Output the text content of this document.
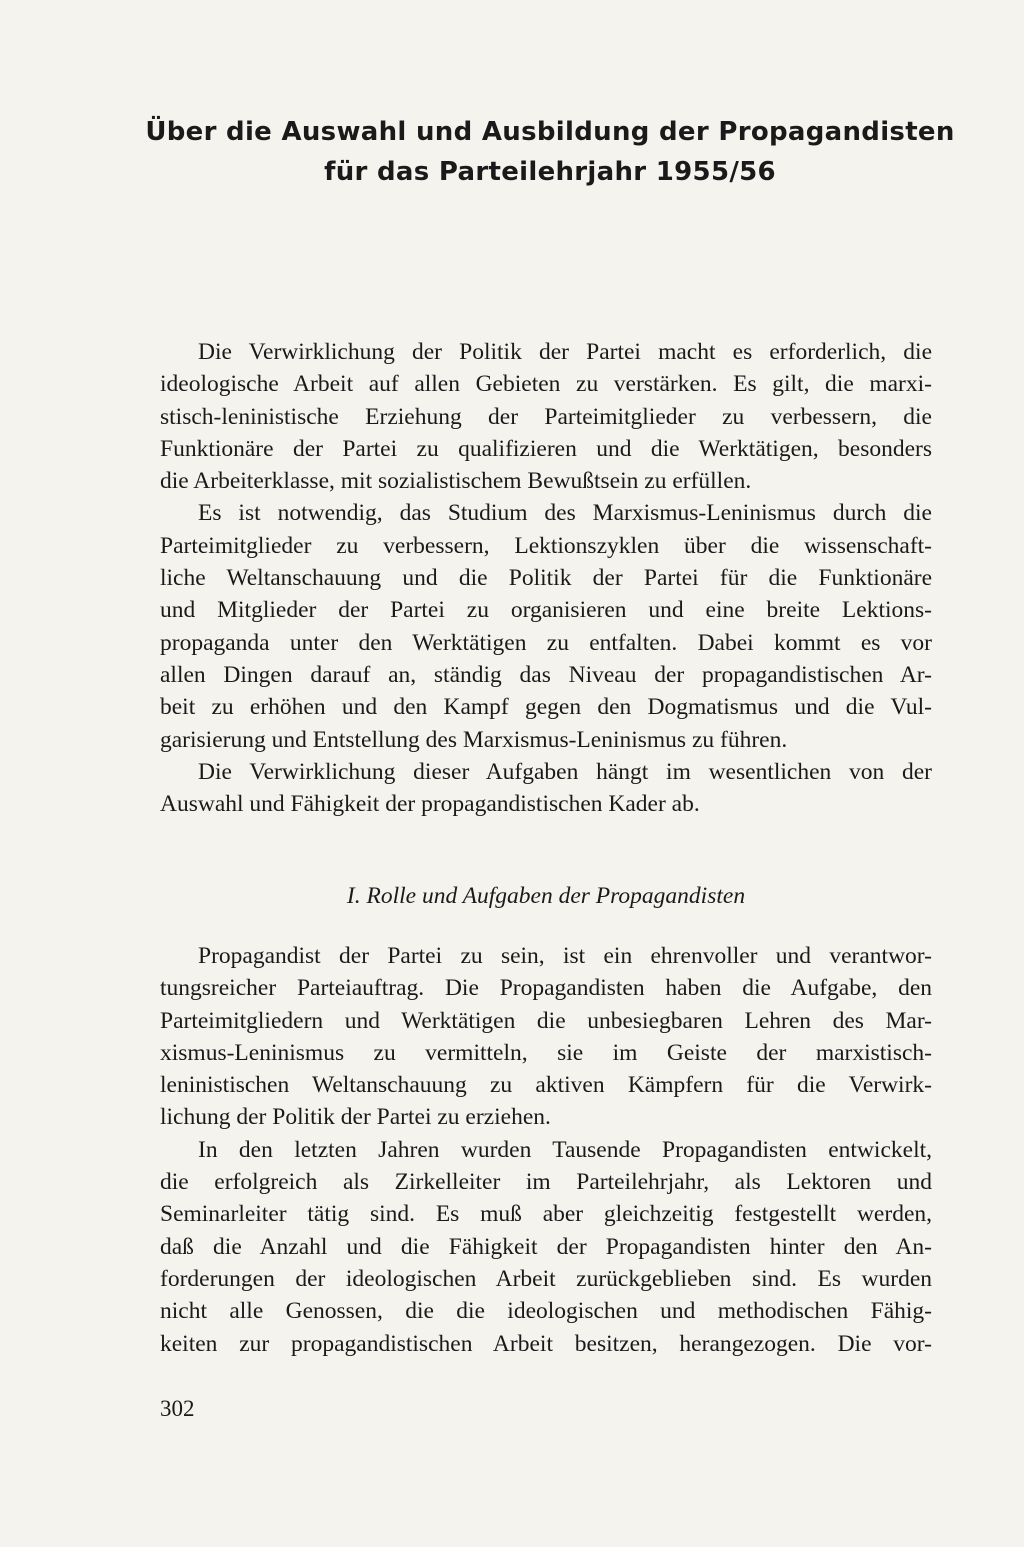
Über die Auswahl und Ausbildung der Propagandisten
für das Parteilehrjahr 1955/56

Die Verwirklichung der Politik der Partei macht es erforderlich, die
ideologische Arbeit auf allen Gebieten zu verstärken. Es gilt, die marxi-
stisch-leninistische Erziehung der Parteimitglieder zu verbessern, die
Funktionäre der Partei zu qualifizieren und die Werktätigen, besonders
die Arbeiterklasse, mit sozialistischem Bewußtsein zu erfüllen.

Es ist notwendig, das Studium des Marxismus-Leninismus durch die
Parteimitglieder zu verbessern, Lektionszyklen über die wissenschaft-
liche Weltanschauung und die Politik der Partei für die Funktionäre
und Mitglieder der Partei zu organisieren und eine breite Lektions-
propaganda unter den Werktätigen zu entfalten. Dabei kommt es vor
allen Dingen darauf an, ständig das Niveau der propagandistischen Ar-
beit zu erhöhen und den Kampf gegen den Dogmatismus und die Vul-
garisierung und Entstellung des Marxismus-Leninismus zu führen.

Die Verwirklichung dieser Aufgaben hängt im wesentlichen von der
Auswahl und Fähigkeit der propagandistischen Kader ab.

I. Rolle und Aufgaben der Propagandisten

Propagandist der Partei zu sein, ist ein ehrenvoller und verantwor-
tungsreicher Parteiauftrag. Die Propagandisten haben die Aufgabe, den
Parteimitgliedern und Werktätigen die unbesiegbaren Lehren des Mar-
xismus-Leninismus zu vermitteln, sie im Geiste der marxistisch-
leninistischen Weltanschauung zu aktiven Kämpfern für die Verwirk-
lichung der Politik der Partei zu erziehen.

In den letzten Jahren wurden Tausende Propagandisten entwickelt,
die erfolgreich als Zirkelleiter im Parteilehrjahr, als Lektoren und
Seminarleiter tätig sind. Es muß aber gleichzeitig festgestellt werden,
daß die Anzahl und die Fähigkeit der Propagandisten hinter den An-
forderungen der ideologischen Arbeit zurückgeblieben sind. Es wurden
nicht alle Genossen, die die ideologischen und methodischen Fähig-
keiten zur propagandistischen Arbeit besitzen, herangezogen. Die vor-

302
